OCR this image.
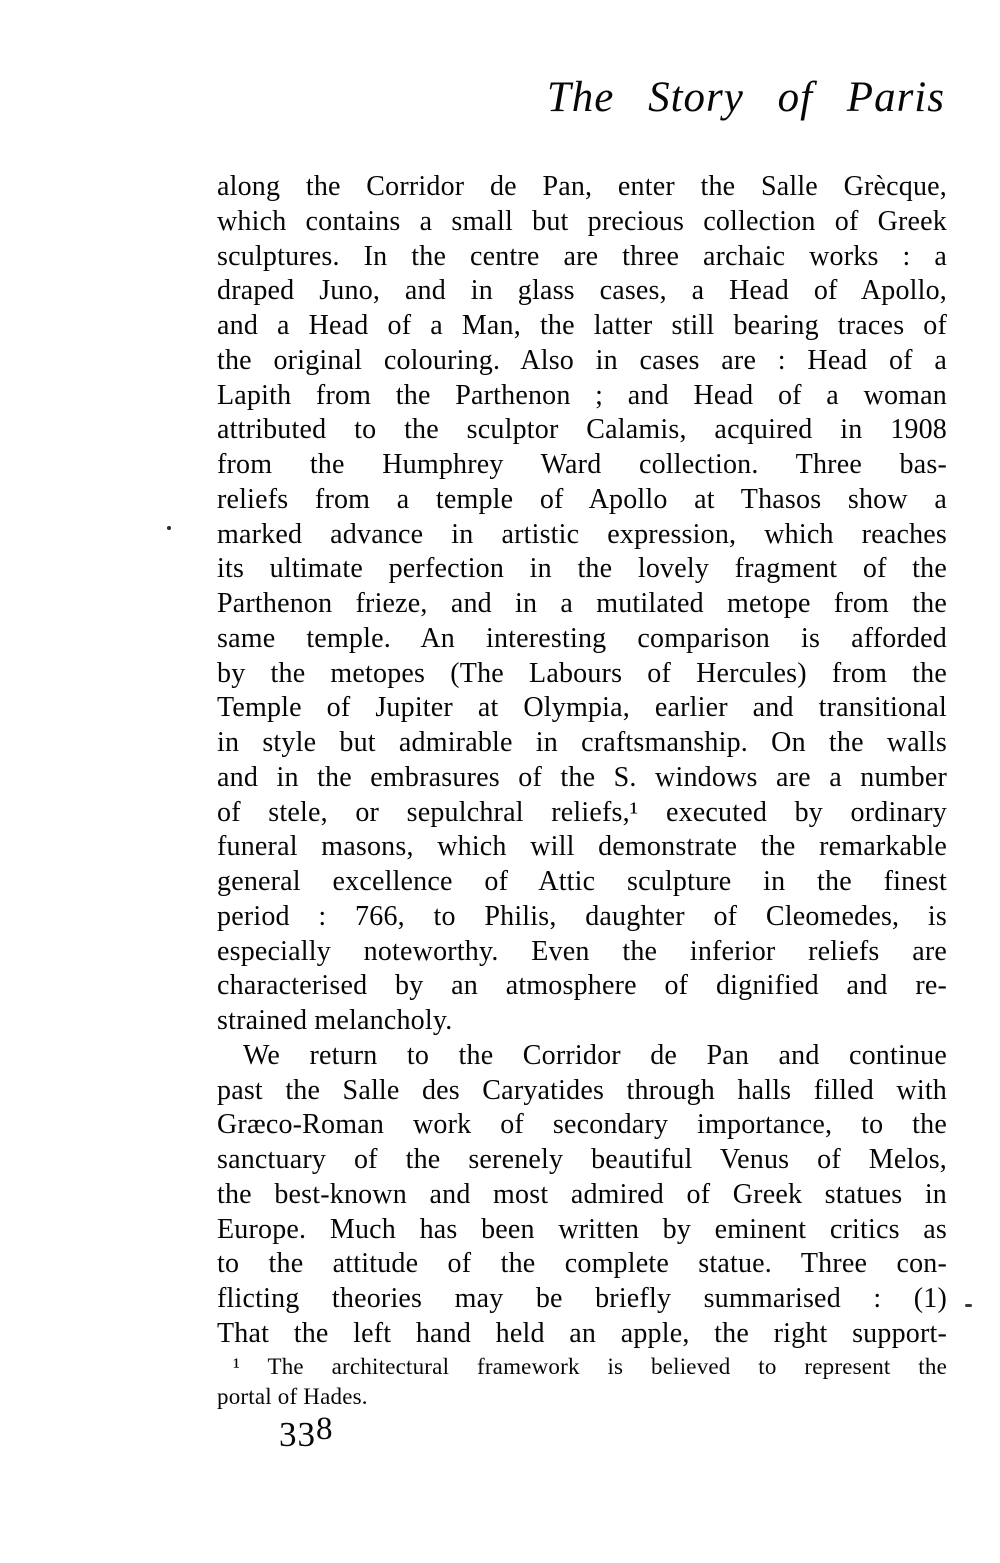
The Story of Paris
along the Corridor de Pan, enter the Salle Grècque,
which contains a small but precious collection of Greek
sculptures. In the centre are three archaic works : a
draped Juno, and in glass cases, a Head of Apollo,
and a Head of a Man, the latter still bearing traces of
the original colouring. Also in cases are : Head of a
Lapith from the Parthenon ; and Head of a woman
attributed to the sculptor Calamis, acquired in 1908
from the Humphrey Ward collection. Three bas-
reliefs from a temple of Apollo at Thasos show a
marked advance in artistic expression, which reaches
its ultimate perfection in the lovely fragment of the
Parthenon frieze, and in a mutilated metope from the
same temple. An interesting comparison is afforded
by the metopes (The Labours of Hercules) from the
Temple of Jupiter at Olympia, earlier and transitional
in style but admirable in craftsmanship. On the walls
and in the embrasures of the S. windows are a number
of stele, or sepulchral reliefs,¹ executed by ordinary
funeral masons, which will demonstrate the remarkable
general excellence of Attic sculpture in the finest
period : 766, to Philis, daughter of Cleomedes, is
especially noteworthy. Even the inferior reliefs are
characterised by an atmosphere of dignified and re-
strained melancholy.
We return to the Corridor de Pan and continue
past the Salle des Caryatides through halls filled with
Græco-Roman work of secondary importance, to the
sanctuary of the serenely beautiful Venus of Melos,
the best-known and most admired of Greek statues in
Europe. Much has been written by eminent critics as
to the attitude of the complete statue. Three con-
flicting theories may be briefly summarised : (1)
That the left hand held an apple, the right support-
¹ The architectural framework is believed to represent the
portal of Hades.
338
